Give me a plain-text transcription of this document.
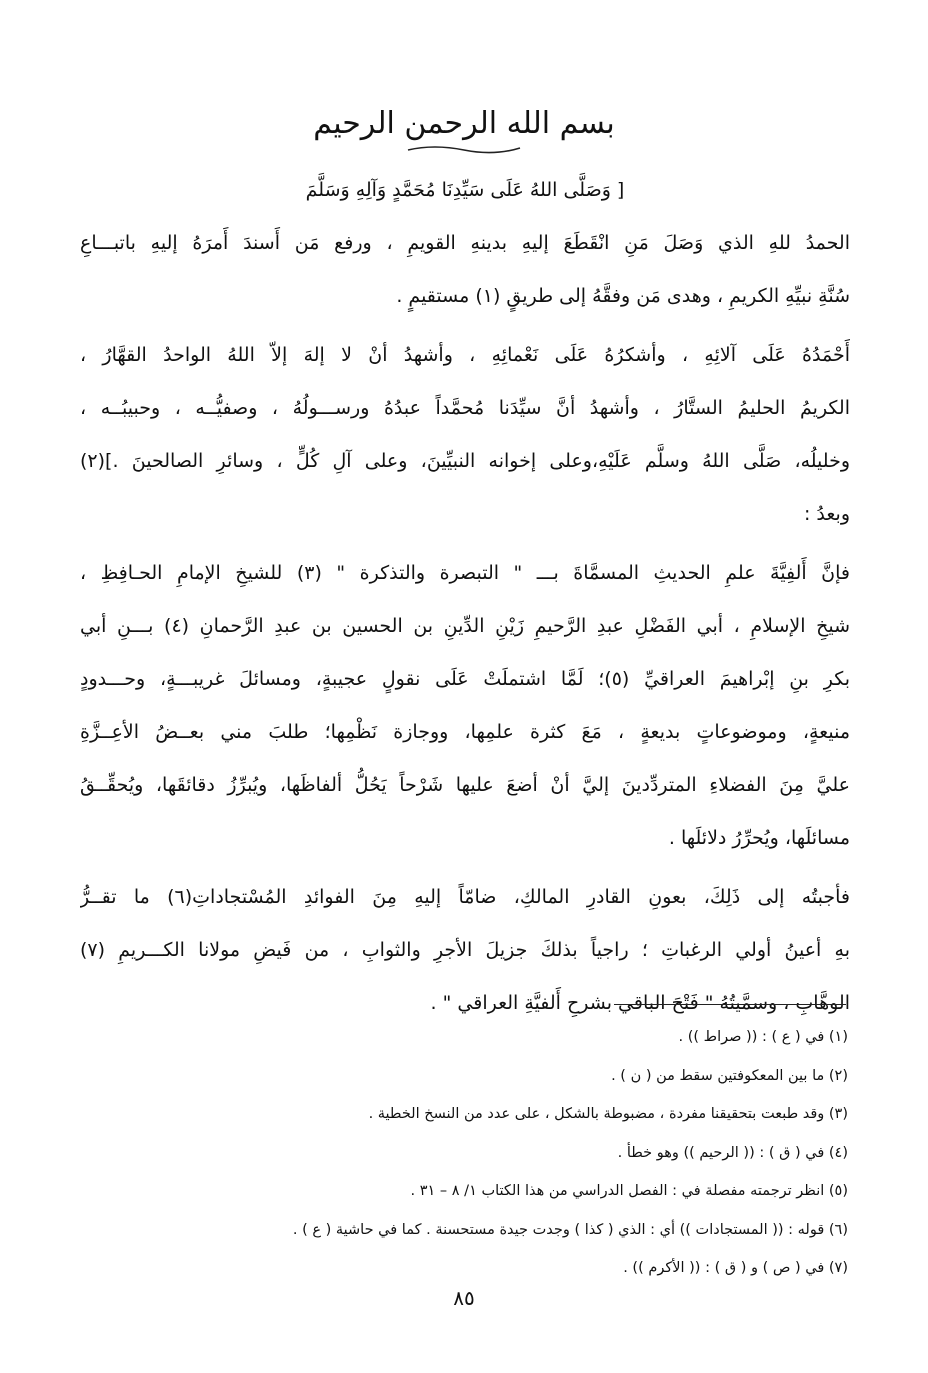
بسم الله الرحمن الرحيم
[ وَصَلَّى اللهُ عَلَى سَيِّدِنَا مُحَمَّدٍ وَآلِهِ وَسَلَّمَ
الحمدُ للهِ الذي وَصَلَ مَنِ انْقَطَعَ إليهِ بدينهِ القويمِ ، ورفع مَن أَسندَ أَمرَهُ إليهِ باتبـــاعِ
سُنَّةِ نبيِّهِ الكريمِ ، وهدى مَن وفقَّهُ إلى طريقٍ (١) مستقيمٍ .
أَحْمَدُهُ عَلَى آلائِهِ ، وأشكرُهُ عَلَى نَعْمائِهِ ، وأشهدُ أنْ لا إلهَ إلاّ اللهُ الواحدُ القهَّارُ ،
الكريمُ الحليمُ الستَّارُ ، وأشهدُ أنَّ سيِّدَنا مُحمَّداً عبدُهُ ورســـولُهُ ، وصفيُّــه ، وحبيبُــه ،
وخليلُه، صَلَّى اللهُ وسلَّم عَلَيْهِ،وعلى إخوانه النبيِّينَ، وعلى آلِ كُلٍّ ، وسائرِ الصالحينَ .](٢)
وبعدُ :
فإنَّ أَلفِيَّةَ علمِ الحديثِ المسمَّاةَ بـــ " التبصرة والتذكرة " (٣) للشيخِ الإمامِ الحـافِظِ ،
شيخِ الإسلامِ ، أبي الفَضْلِ عبدِ الرَّحيمِ زَيْنِ الدِّينِ بن الحسين بن عبدِ الرَّحمانِ (٤) بـــنِ أبي
بكرِ بنِ إبْراهيمَ العراقيِّ (٥)؛ لَمَّا اشتملَتْ عَلَى نقولٍ عجيبةٍ، ومسائلَ غريبـــةٍ، وحـــدودٍ
منيعةٍ، وموضوعاتٍ بديعةٍ ، مَعَ كثرة علمِها، ووجازة نَظْمِها؛ طلبَ مني بعــضُ الأعِــزَّةِ
عليَّ مِنَ الفضلاءِ المتردِّدينَ إليَّ أنْ أضعَ عليها شَرْحاً يَحُلُّ ألفاظَها، ويُبرِّزُ دقائقَها، ويُحقِّــقُ
مسائلَها، ويُحرِّرُ دلائلَها .
فأجبتُه إلى ذَلِكَ، بعونِ القادرِ المالكِ، ضامّاً إليهِ مِنَ الفوائدِ المُسْتجاداتِ(٦) ما تقــرُّ
بهِ أعينُ أولي الرغباتِ ؛ راجياً بذلكَ جزيلَ الأجرِ والثوابِ ، من فَيضِ مولانا الكـــريمِ (٧)
الوهَّابِ ، وسمَّيتُهُ " فَتْحَ الباقي بشرحِ أَلفيَّةِ العراقي " .
(١) في ( ع ) : (( صراط )) .
(٢) ما بين المعكوفتين سقط من ( ن ) .
(٣) وقد طبعت بتحقيقنا مفردة ، مضبوطة بالشكل ، على عدد من النسخ الخطية .
(٤) في ( ق ) : (( الرحيم )) وهو خطأ .
(٥) انظر ترجمته مفصلة في : الفصل الدراسي من هذا الكتاب ١/ ٨ – ٣١ .
(٦) قوله : (( المستجادات )) أي : الذي ( كذا ) وجدت جيدة مستحسنة . كما في حاشية ( ع ) .
(٧) في ( ص ) و ( ق ) : (( الأكرم )) .
٨٥
